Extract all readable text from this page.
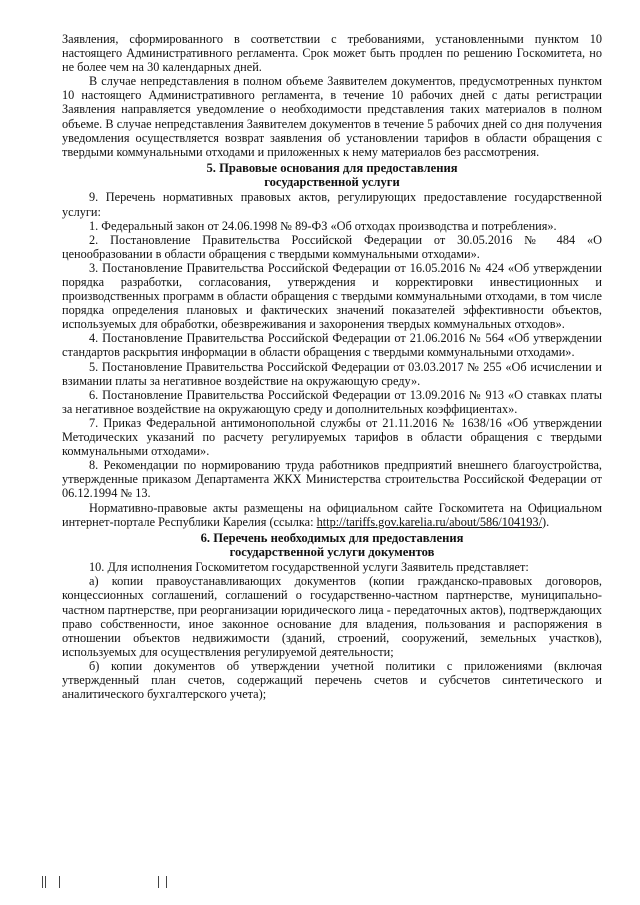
Заявления, сформированного в соответствии с требованиями, установленными пунктом 10 настоящего Административного регламента. Срок может быть продлен по решению Госкомитета, но не более чем на 30 календарных дней.

В случае непредставления в полном объеме Заявителем документов, предусмотренных пунктом 10 настоящего Административного регламента, в течение 10 рабочих дней с даты регистрации Заявления направляется уведомление о необходимости представления таких материалов в полном объеме. В случае непредставления Заявителем документов в течение 5 рабочих дней со дня получения уведомления осуществляется возврат заявления об установлении тарифов в области обращения с твердыми коммунальными отходами и приложенных к нему материалов без рассмотрения.

5. Правовые основания для предоставления
государственной услуги

9. Перечень нормативных правовых актов, регулирующих предоставление государственной услуги:

1. Федеральный закон от 24.06.1998 № 89-ФЗ «Об отходах производства и потребления».

2. Постановление Правительства Российской Федерации от 30.05.2016 № 484 «О ценообразовании в области обращения с твердыми коммунальными отходами».

3. Постановление Правительства Российской Федерации от 16.05.2016 № 424 «Об утверждении порядка разработки, согласования, утверждения и корректировки инвестиционных и производственных программ в области обращения с твердыми коммунальными отходами, в том числе порядка определения плановых и фактических значений показателей эффективности объектов, используемых для обработки, обезвреживания и захоронения твердых коммунальных отходов».

4. Постановление Правительства Российской Федерации от 21.06.2016 № 564 «Об утверждении стандартов раскрытия информации в области обращения с твердыми коммунальными отходами».

5. Постановление Правительства Российской Федерации от 03.03.2017 № 255 «Об исчислении и взимании платы за негативное воздействие на окружающую среду».

6. Постановление Правительства Российской Федерации от 13.09.2016 № 913 «О ставках платы за негативное воздействие на окружающую среду и дополнительных коэффициентах».

7. Приказ Федеральной антимонопольной службы от 21.11.2016 № 1638/16 «Об утверждении Методических указаний по расчету регулируемых тарифов в области обращения с твердыми коммунальными отходами».

8. Рекомендации по нормированию труда работников предприятий внешнего благоустройства, утвержденные приказом Департамента ЖКХ Министерства строительства Российской Федерации от 06.12.1994 № 13.

Нормативно-правовые акты размещены на официальном сайте Госкомитета на Официальном интернет-портале Республики Карелия (ссылка: http://tariffs.gov.karelia.ru/about/586/104193/).

6. Перечень необходимых для предоставления
государственной услуги документов

10. Для исполнения Госкомитетом государственной услуги Заявитель представляет:

а) копии правоустанавливающих документов (копии гражданско-правовых договоров, концессионных соглашений, соглашений о государственно-частном партнерстве, муниципально-частном партнерстве, при реорганизации юридического лица - передаточных актов), подтверждающих право собственности, иное законное основание для владения, пользования и распоряжения в отношении объектов недвижимости (зданий, строений, сооружений, земельных участков), используемых для осуществления регулируемой деятельности;

б) копии документов об утверждении учетной политики с приложениями (включая утвержденный план счетов, содержащий перечень счетов и субсчетов синтетического и аналитического бухгалтерского учета);
